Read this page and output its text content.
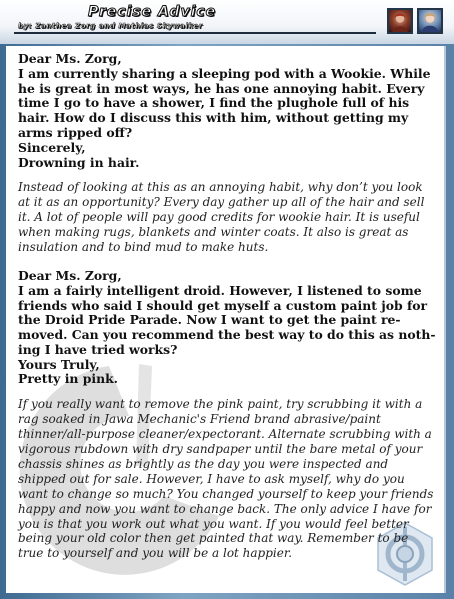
Precise Advice

by: Zanthea Zorg and Mathias Skywalker

Dear Ms. Zorg,
I am currently sharing a sleeping pod with a Wookie. While he is great in most ways, he has one annoying habit. Every time I go to have a shower, I find the plughole full of his hair. How do I discuss this with him, without getting my arms ripped off?
Sincerely,
Drowning in hair.

Instead of looking at this as an annoying habit, why don’t you look at it as an opportunity? Every day gather up all of the hair and sell it. A lot of people will pay good credits for wookie hair. It is useful when making rugs, blankets and winter coats. It also is great as insulation and to bind mud to make huts.

Dear Ms. Zorg,
I am a fairly intelligent droid. However, I listened to some friends who said I should get myself a custom paint job for the Droid Pride Parade. Now I want to get the paint re-moved. Can you recommend the best way to do this as noth-ing I have tried works?
Yours Truly,
Pretty in pink.

If you really want to remove the pink paint, try scrubbing it with a rag soaked in Jawa Mechanic's Friend brand abrasive/paint thinner/all-purpose cleaner/expectorant. Alternate scrubbing with a vigorous rubdown with dry sandpaper until the bare metal of your chassis shines as brightly as the day you were inspected and shipped out for sale. However, I have to ask myself, why do you want to change so much? You changed yourself to keep your friends happy and now you want to change back. The only advice I have for you is that you work out what you want. If you would feel better being your old color then get painted that way. Remember to be true to yourself and you will be a lot happier.
